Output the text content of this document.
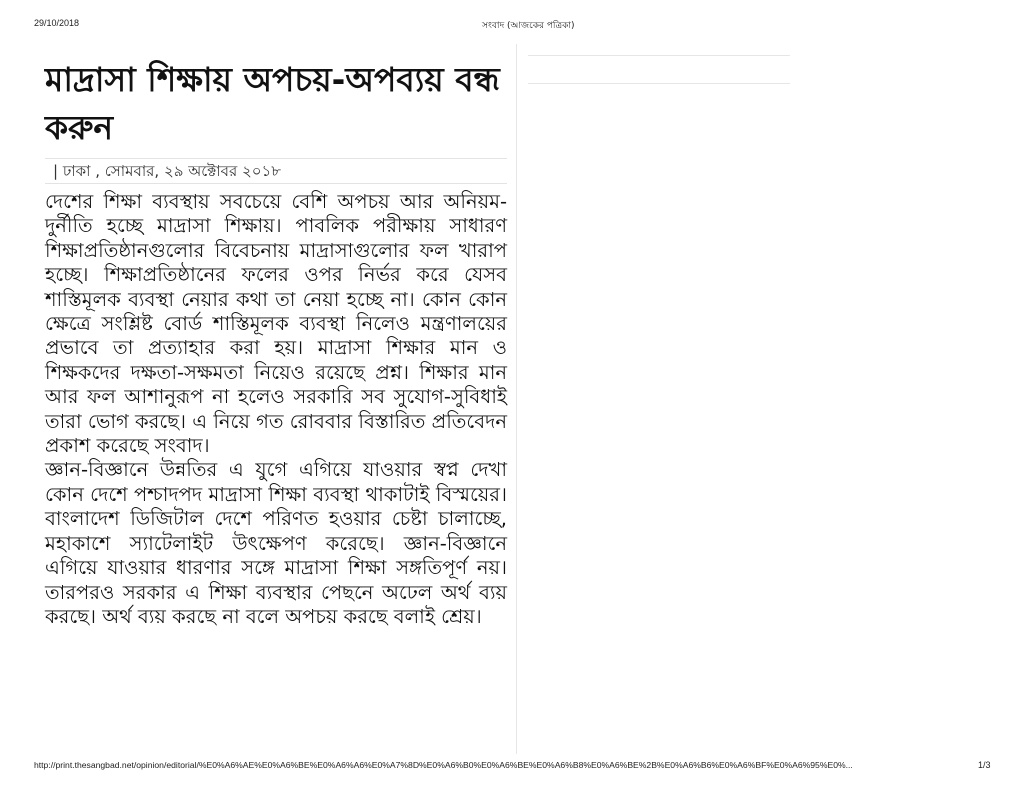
29/10/2018	সংবাদ (আজকের পত্রিকা)
মাদ্রাসা শিক্ষায় অপচয়-অপব্যয় বন্ধ করুন
| ঢাকা , সোমবার, ২৯ অক্টোবর ২০১৮

দেশের শিক্ষা ব্যবস্থায় সবচেয়ে বেশি অপচয় আর অনিয়ম-দুর্নীতি হচ্ছে মাদ্রাসা শিক্ষায়। পাবলিক পরীক্ষায় সাধারণ শিক্ষাপ্রতিষ্ঠানগুলোর বিবেচনায় মাদ্রাসাগুলোর ফল খারাপ হচ্ছে। শিক্ষাপ্রতিষ্ঠানের ফলের ওপর নির্ভর করে যেসব শাস্তিমূলক ব্যবস্থা নেয়ার কথা তা নেয়া হচ্ছে না। কোন কোন ক্ষেত্রে সংশ্লিষ্ট বোর্ড শাস্তিমূলক ব্যবস্থা নিলেও মন্ত্রণালয়ের প্রভাবে তা প্রত্যাহার করা হয়। মাদ্রাসা শিক্ষার মান ও শিক্ষকদের দক্ষতা-সক্ষমতা নিয়েও রয়েছে প্রশ্ন। শিক্ষার মান আর ফল আশানুরূপ না হলেও সরকারি সব সুযোগ-সুবিধাই তারা ভোগ করছে। এ নিয়ে গত রোববার বিস্তারিত প্রতিবেদন প্রকাশ করেছে সংবাদ।

জ্ঞান-বিজ্ঞানে উন্নতির এ যুগে এগিয়ে যাওয়ার স্বপ্ন দেখা কোন দেশে পশ্চাদপদ মাদ্রাসা শিক্ষা ব্যবস্থা থাকাটাই বিস্ময়ের। বাংলাদেশ ডিজিটাল দেশে পরিণত হওয়ার চেষ্টা চালাচ্ছে, মহাকাশে স্যাটেলাইট উৎক্ষেপণ করেছে। জ্ঞান-বিজ্ঞানে এগিয়ে যাওয়ার ধারণার সঙ্গে মাদ্রাসা শিক্ষা সঙ্গতিপূর্ণ নয়। তারপরও সরকার এ শিক্ষা ব্যবস্থার পেছনে অঢেল অর্থ ব্যয় করছে। অর্থ ব্যয় করছে না বলে অপচয় করছে বলাই শ্রেয়।

http://print.thesangbad.net/opinion/editorial/%E0%A6%AE%E0%A6%BE%E0%A6%A6%E0%A7%8D%E0%A6%B0%E0%A6%BE%E0%A6%B8%E0%A6%BE%2B%E0%A6%B6%E0%A6%BF%E0%A6%95%E0%...	1/3
